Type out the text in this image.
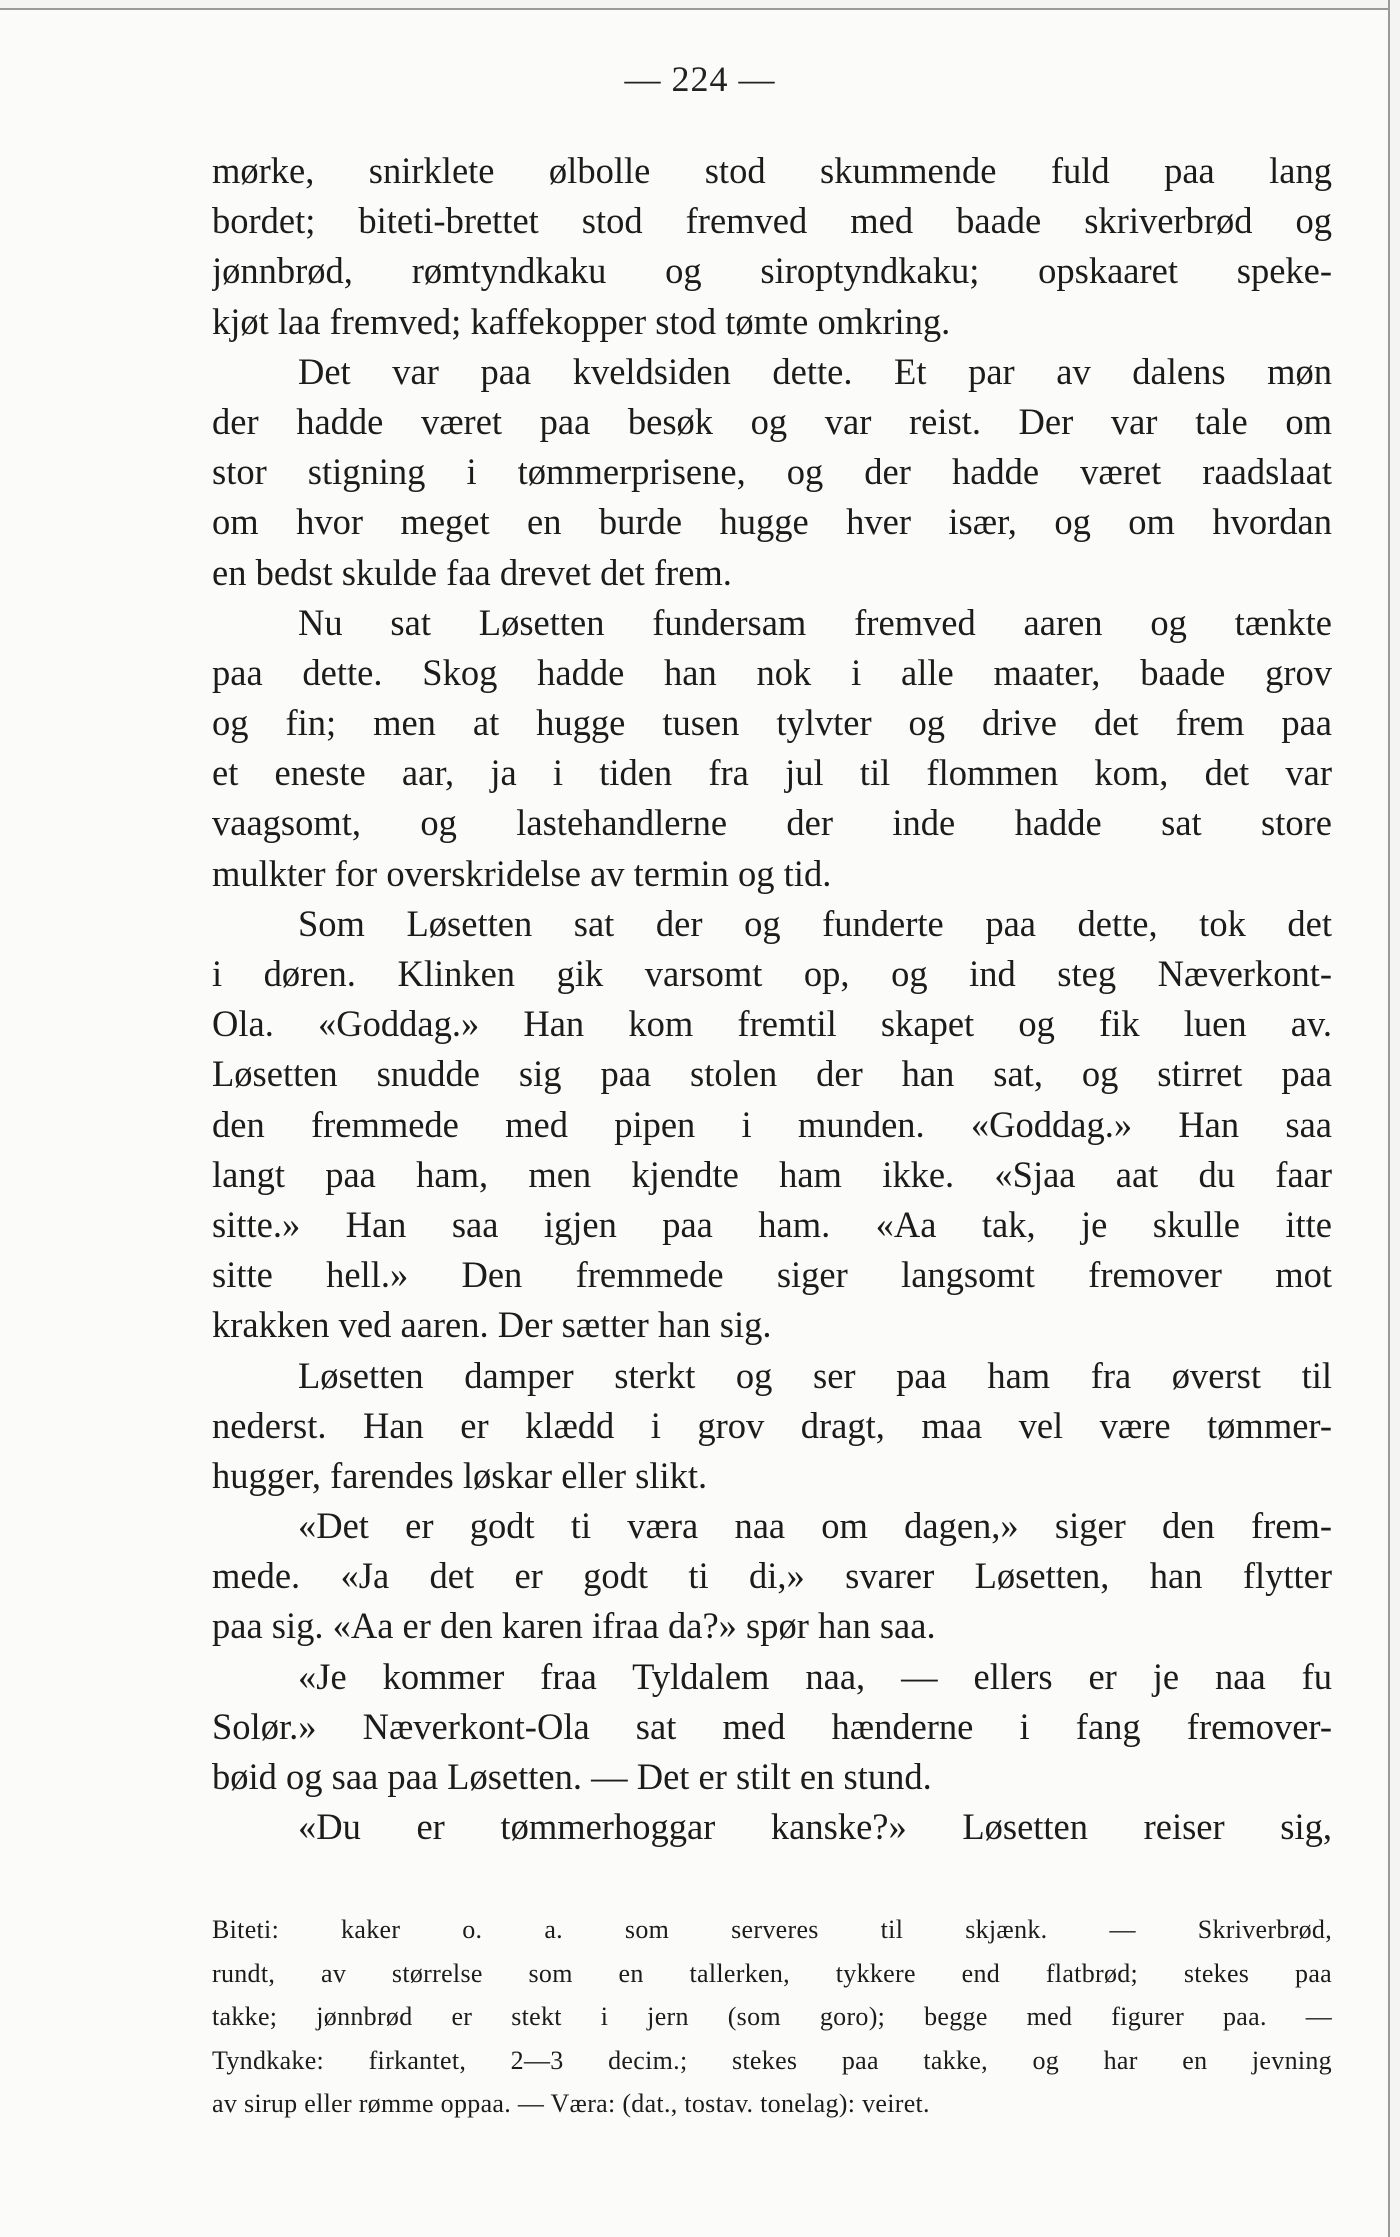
— 224 —
mørke, snirklete ølbolle stod skummende fuld paa lang
bordet; biteti-brettet stod fremved med baade skriverbrød og
jønnbrød, rømtyndkaku og siroptyndkaku; opskaaret speke-
kjøt laa fremved; kaffekopper stod tømte omkring.
Det var paa kveldsiden dette. Et par av dalens møn
der hadde været paa besøk og var reist. Der var tale om
stor stigning i tømmerprisene, og der hadde været raadslaat
om hvor meget en burde hugge hver især, og om hvordan
en bedst skulde faa drevet det frem.
Nu sat Løsetten fundersam fremved aaren og tænkte
paa dette. Skog hadde han nok i alle maater, baade grov
og fin; men at hugge tusen tylvter og drive det frem paa
et eneste aar, ja i tiden fra jul til flommen kom, det var
vaagsomt, og lastehandlerne der inde hadde sat store
mulkter for overskridelse av termin og tid.
Som Løsetten sat der og funderte paa dette, tok det
i døren. Klinken gik varsomt op, og ind steg Næverkont-
Ola. «Goddag.» Han kom fremtil skapet og fik luen av.
Løsetten snudde sig paa stolen der han sat, og stirret paa
den fremmede med pipen i munden. «Goddag.» Han saa
langt paa ham, men kjendte ham ikke. «Sjaa aat du faar
sitte.» Han saa igjen paa ham. «Aa tak, je skulle itte
sitte hell.» Den fremmede siger langsomt fremover mot
krakken ved aaren. Der sætter han sig.
Løsetten damper sterkt og ser paa ham fra øverst til
nederst. Han er klædd i grov dragt, maa vel være tømmer-
hugger, farendes løskar eller slikt.
«Det er godt ti væra naa om dagen,» siger den frem-
mede. «Ja det er godt ti di,» svarer Løsetten, han flytter
paa sig. «Aa er den karen ifraa da?» spør han saa.
«Je kommer fraa Tyldalem naa, — ellers er je naa fu
Solør.» Næverkont-Ola sat med hænderne i fang fremover-
bøid og saa paa Løsetten. — Det er stilt en stund.
«Du er tømmerhoggar kanske?» Løsetten reiser sig,
Biteti: kaker o. a. som serveres til skjænk. — Skriverbrød,
rundt, av størrelse som en tallerken, tykkere end flatbrød; stekes paa
takke; jønnbrød er stekt i jern (som goro); begge med figurer paa. —
Tyndkake: firkantet, 2—3 decim.; stekes paa takke, og har en jevning
av sirup eller rømme oppaa. — Væra: (dat., tostav. tonelag): veiret.
